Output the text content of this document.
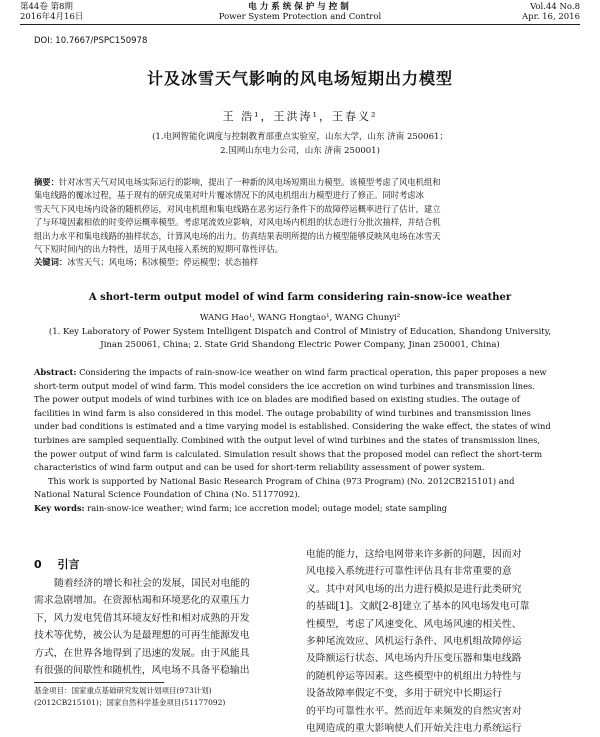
第44卷 第8期
2016年4月16日
电力系统保护与控制
Power System Protection and Control
Vol.44 No.8
Apr. 16, 2016
DOI: 10.7667/PSPC150978
计及冰雪天气影响的风电场短期出力模型
王 浩¹，王洪涛¹，王春义²
(1.电网智能化调度与控制教育部重点实验室，山东大学，山东 济南 250061；
2.国网山东电力公司，山东 济南 250001)
摘要：针对冰雪天气对风电场实际运行的影响，提出了一种新的风电场短期出力模型。该模型考虑了风电机组和
集电线路的覆冰过程，基于现有的研究成果对叶片覆冰情况下的风电机组出力模型进行了修正。同时考虑冰
雪天气下风电场内设备的随机停运，对风电机组和集电线路在恶劣运行条件下的故障停运概率进行了估计，建立
了与环境因素相依的时变停运概率模型。考虑尾流效应影响，对风电场内机组的状态进行分批次抽样，并结合机
组出力水平和集电线路的抽样状态，计算风电场的出力。仿真结果表明所提的出力模型能够反映风电场在冰雪天
气下短时间内的出力特性，适用于风电接入系统的短期可靠性评估。
关键词：冰雪天气；风电场；积冰模型；停运模型；状态抽样
A short-term output model of wind farm considering rain-snow-ice weather
WANG Hao¹, WANG Hongtao¹, WANG Chunyi²
(1. Key Laboratory of Power System Intelligent Dispatch and Control of Ministry of Education, Shandong University,
Jinan 250061, China; 2. State Grid Shandong Electric Power Company, Jinan 250001, China)
Abstract: Considering the impacts of rain-snow-ice weather on wind farm practical operation, this paper proposes a new
short-term output model of wind farm. This model considers the ice accretion on wind turbines and transmission lines.
The power output models of wind turbines with ice on blades are modified based on existing studies. The outage of
facilities in wind farm is also considered in this model. The outage probability of wind turbines and transmission lines
under bad conditions is estimated and a time varying model is established. Considering the wake effect, the states of wind
turbines are sampled sequentially. Combined with the output level of wind turbines and the states of transmission lines,
the power output of wind farm is calculated. Simulation result shows that the proposed model can reflect the short-term
characteristics of wind farm output and can be used for short-term reliability assessment of power system.
This work is supported by National Basic Research Program of China (973 Program) (No. 2012CB215101) and
National Natural Science Foundation of China (No. 51177092).
Key words: rain-snow-ice weather; wind farm; ice accretion model; outage model; state sampling
0 引言
随着经济的增长和社会的发展，国民对电能的
需求急剧增加。在资源枯竭和环境恶化的双重压力
下，风力发电凭借其环境友好性和相对成熟的开发
技术等优势，被公认为是最理想的可再生能源发电
方式，在世界各地得到了迅速的发展。由于风能具
有很强的间歇性和随机性，风电场不具备平稳输出
基金项目：国家重点基础研究发展计划项目(973计划)
(2012CB215101)；国家自然科学基金项目(51177092)
电能的能力，这给电网带来许多新的问题，因而对
风电接入系统进行可靠性评估具有非常重要的意
义。其中对风电场的出力进行模拟是进行此类研究
的基础[1]。文献[2-8]建立了基本的风电场发电可靠
性模型，考虑了风速变化、风电场风速的相关性、
多种尾流效应、风机运行条件、风电机组故障停运
及降额运行状态、风电场内升压变压器和集电线路
的随机停运等因素。这些模型中的机组出力特性与
设备故障率假定不变，多用于研究中长期运行
的平均可靠性水平。然而近年来频发的自然灾害对
电网造成的重大影响使人们开始关注电力系统运行
